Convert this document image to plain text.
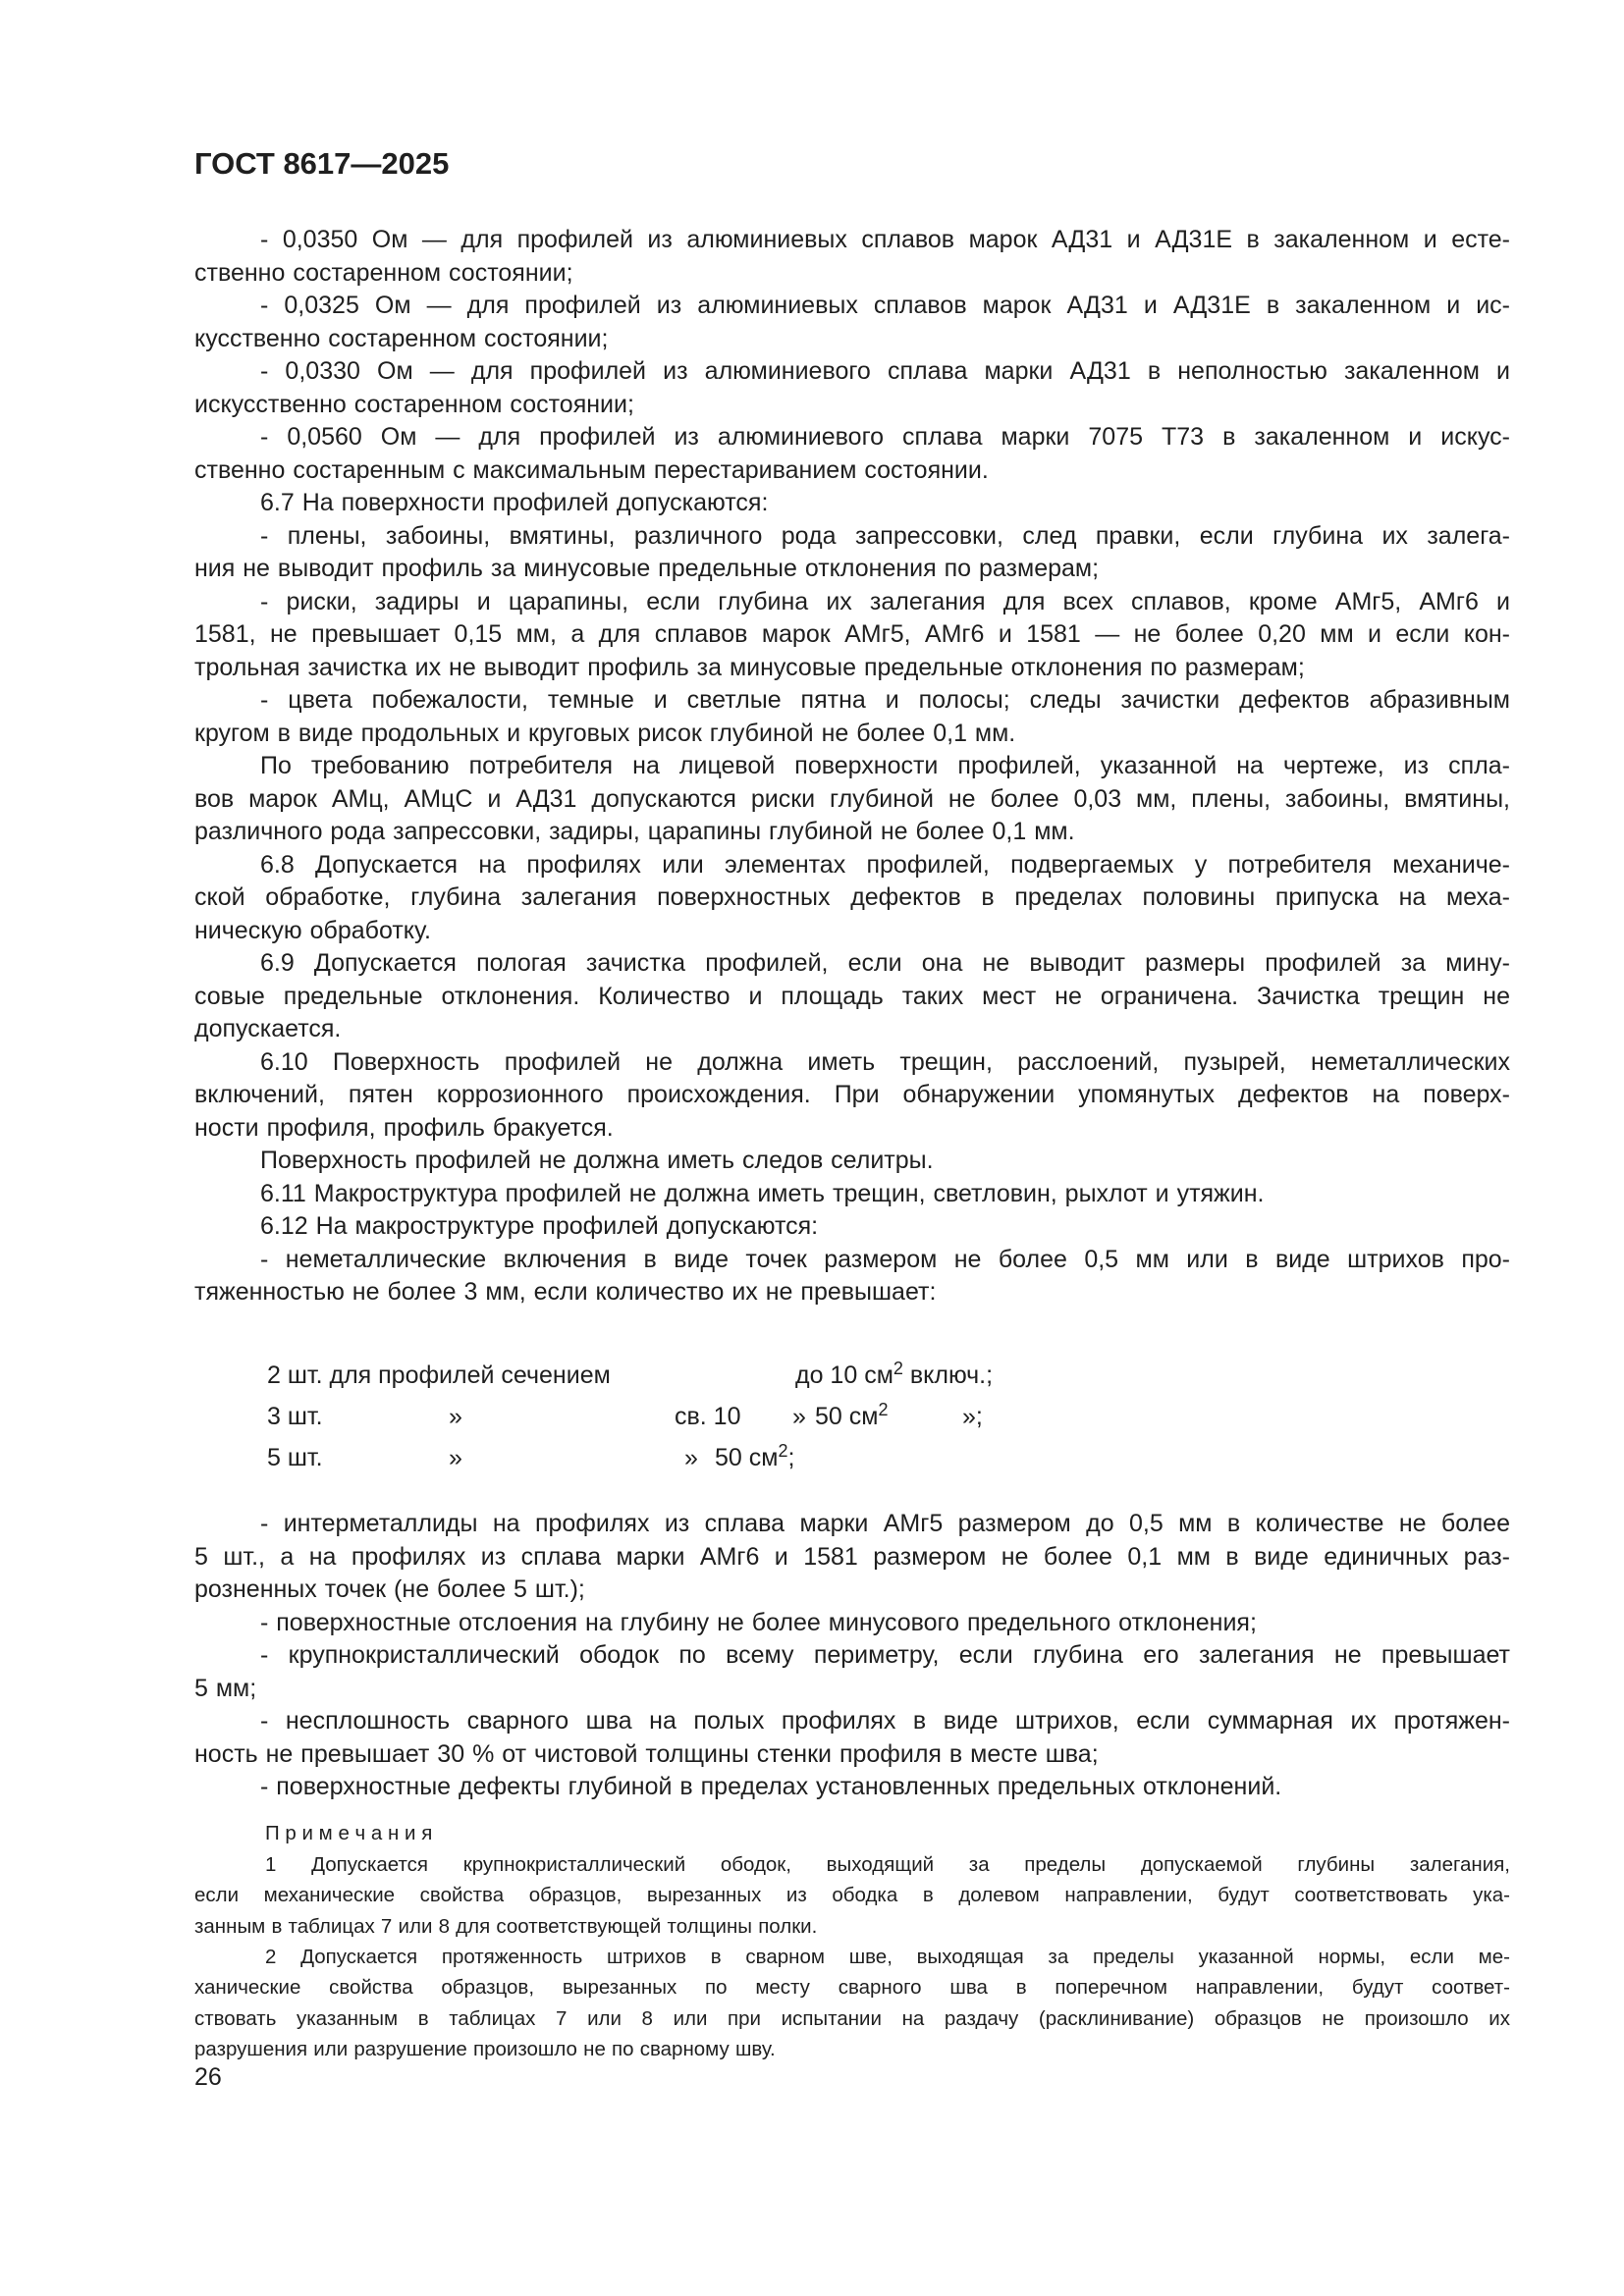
ГОСТ 8617—2025
- 0,0350 Ом — для профилей из алюминиевых сплавов марок АД31 и АД31Е в закаленном и есте-
ственно состаренном состоянии;
- 0,0325 Ом — для профилей из алюминиевых сплавов марок АД31 и АД31Е в закаленном и ис-
кусственно состаренном состоянии;
- 0,0330 Ом — для профилей из алюминиевого сплава марки АД31 в неполностью закаленном и
искусственно состаренном состоянии;
- 0,0560 Ом — для профилей из алюминиевого сплава марки 7075 Т73 в закаленном и искус-
ственно состаренным с максимальным перестариванием состоянии.
6.7 На поверхности профилей допускаются:
- плены, забоины, вмятины, различного рода запрессовки, след правки, если глубина их залега-
ния не выводит профиль за минусовые предельные отклонения по размерам;
- риски, задиры и царапины, если глубина их залегания для всех сплавов, кроме АМг5, АМг6 и
1581, не превышает 0,15 мм, а для сплавов марок АМг5, АМг6 и 1581 — не более 0,20 мм и если кон-
трольная зачистка их не выводит профиль за минусовые предельные отклонения по размерам;
- цвета побежалости, темные и светлые пятна и полосы; следы зачистки дефектов абразивным
кругом в виде продольных и круговых рисок глубиной не более 0,1 мм.
По требованию потребителя на лицевой поверхности профилей, указанной на чертеже, из спла-
вов марок АМц, АМцС и АД31 допускаются риски глубиной не более 0,03 мм, плены, забоины, вмятины,
различного рода запрессовки, задиры, царапины глубиной не более 0,1 мм.
6.8 Допускается на профилях или элементах профилей, подвергаемых у потребителя механиче-
ской обработке, глубина залегания поверхностных дефектов в пределах половины припуска на меха-
ническую обработку.
6.9 Допускается пологая зачистка профилей, если она не выводит размеры профилей за мину-
совые предельные отклонения. Количество и площадь таких мест не ограничена. Зачистка трещин не
допускается.
6.10 Поверхность профилей не должна иметь трещин, расслоений, пузырей, неметаллических
включений, пятен коррозионного происхождения. При обнаружении упомянутых дефектов на поверх-
ности профиля, профиль бракуется.
Поверхность профилей не должна иметь следов селитры.
6.11 Макроструктура профилей не должна иметь трещин, светловин, рыхлот и утяжин.
6.12 На макроструктуре профилей допускаются:
- неметаллические включения в виде точек размером не более 0,5 мм или в виде штрихов про-
тяженностью не более 3 мм, если количество их не превышает:
2 шт. для профилей сечением	до 10 $см^2$ включ.;
3 шт.	»	св. 10 » 50 $см^2$	»;
5 шт.	»	» 50 $см^2$;
- интерметаллиды на профилях из сплава марки АМг5 размером до 0,5 мм в количестве не более
5 шт., а на профилях из сплава марки АМг6 и 1581 размером не более 0,1 мм в виде единичных раз-
розненных точек (не более 5 шт.);
- поверхностные отслоения на глубину не более минусового предельного отклонения;
- крупнокристаллический ободок по всему периметру, если глубина его залегания не превышает
5 мм;
- несплошность сварного шва на полых профилях в виде штрихов, если суммарная их протяжен-
ность не превышает 30 % от чистовой толщины стенки профиля в месте шва;
- поверхностные дефекты глубиной в пределах установленных предельных отклонений.
П р и м е ч а н и я
1 Допускается крупнокристаллический ободок, выходящий за пределы допускаемой глубины залегания,
если механические свойства образцов, вырезанных из ободка в долевом направлении, будут соответствовать ука-
занным в таблицах 7 или 8 для соответствующей толщины полки.
2 Допускается протяженность штрихов в сварном шве, выходящая за пределы указанной нормы, если ме-
ханические свойства образцов, вырезанных по месту сварного шва в поперечном направлении, будут соответ-
ствовать указанным в таблицах 7 или 8 или при испытании на раздачу (расклинивание) образцов не произошло их
разрушения или разрушение произошло не по сварному шву.
26
